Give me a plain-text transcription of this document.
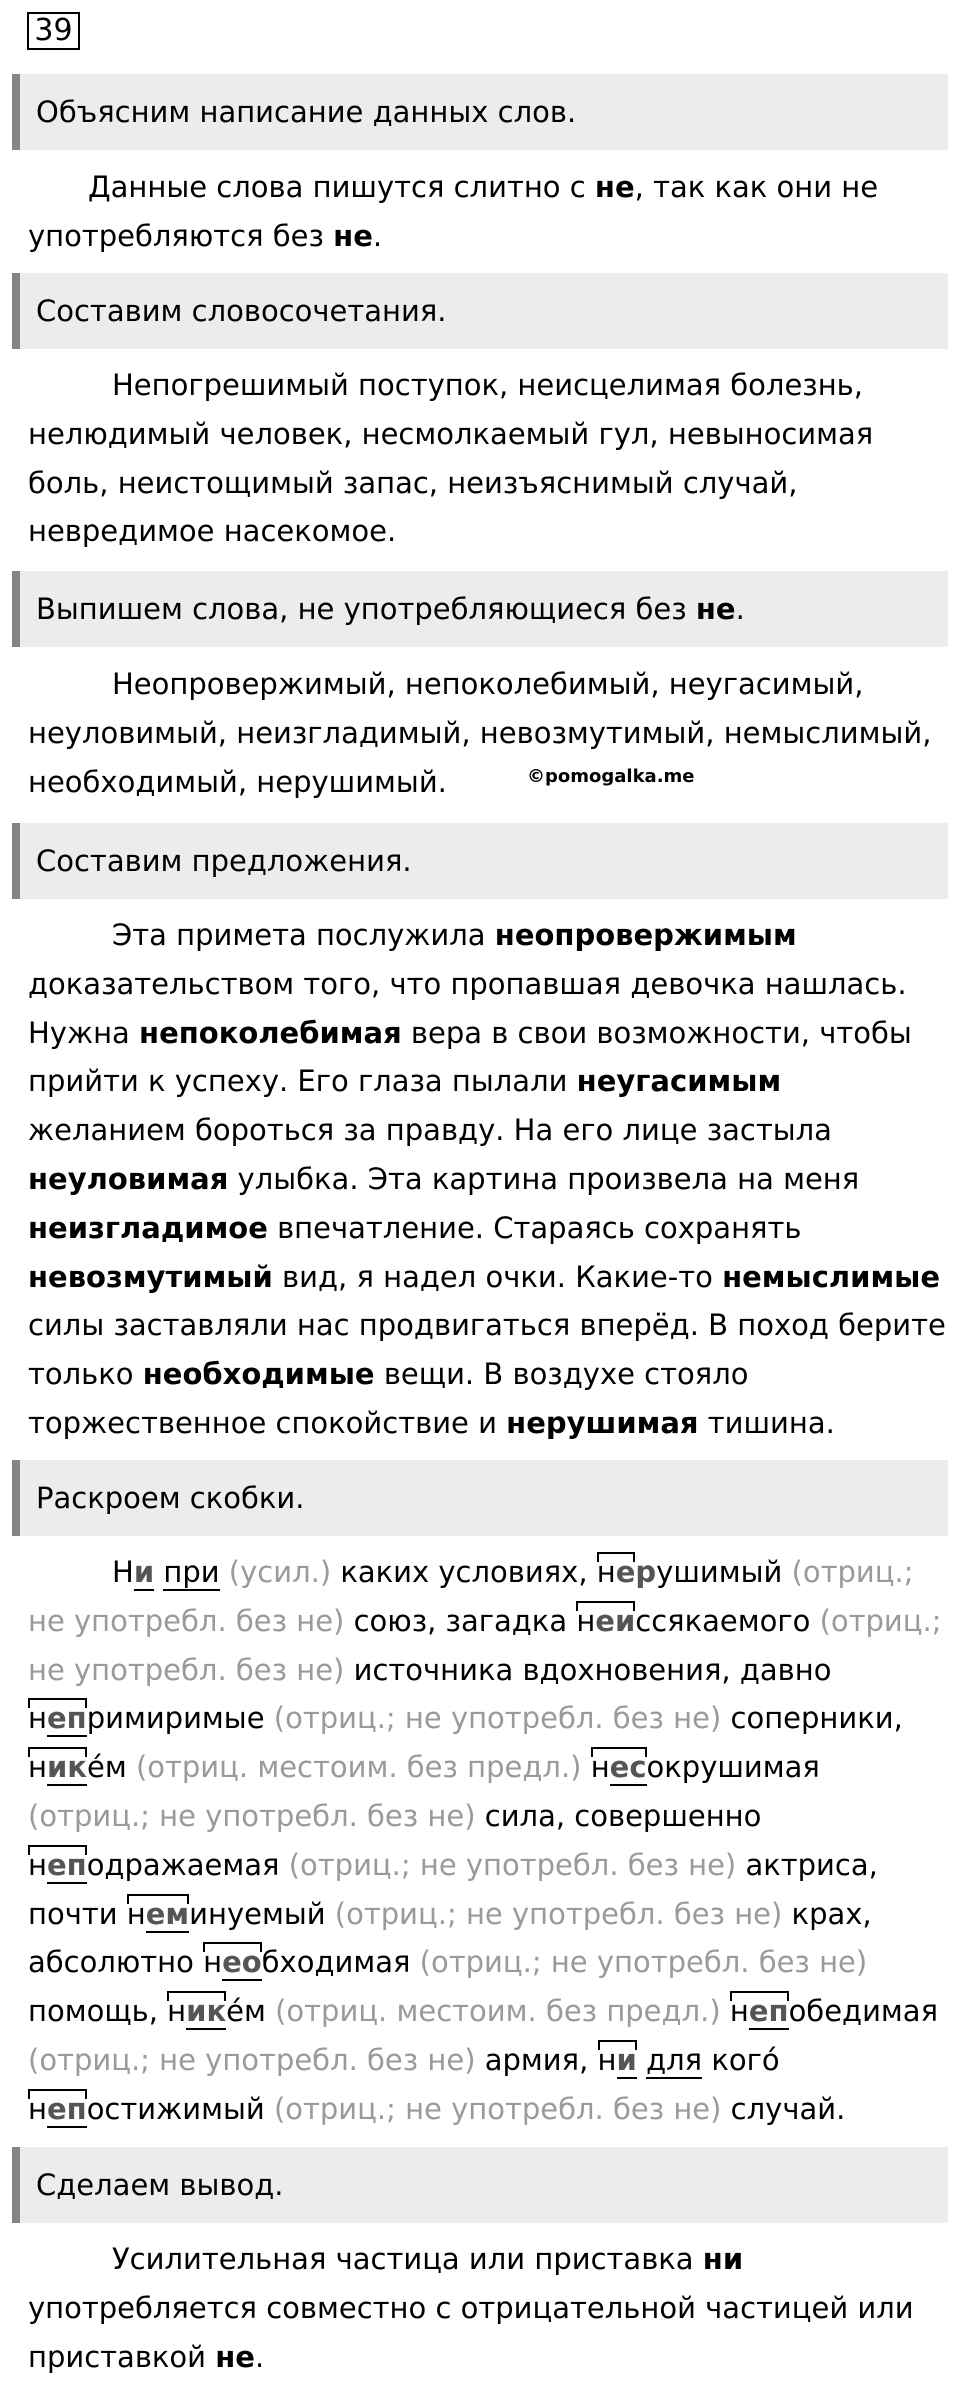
39
Объясним написание данных слов.

Данные слова пишутся слитно с не, так как они не употребляются без не.

Составим словосочетания.

Непогрешимый поступок, неисцелимая болезнь, нелюдимый человек, несмолкаемый гул, невыносимая боль, неистощимый запас, неизъяснимый случай, невредимое насекомое.

Выпишем слова, не употребляющиеся без не.

Неопровержимый, непоколебимый, неугасимый, неуловимый, неизгладимый, невозмутимый, немыслимый, необходимый, нерушимый.	©pomogalka.me
Составим предложения.

Эта примета послужила неопровержимым доказательством того, что пропавшая девочка нашлась. Нужна непоколебимая вера в свои возможности, чтобы прийти к успеху. Его глаза пылали неугасимым желанием бороться за правду. На его лице застыла неуловимая улыбка. Эта картина произвела на меня неизгладимое впечатление. Стараясь сохранять невозмутимый вид, я надел очки. Какие-то немыслимые силы заставляли нас продвигаться вперёд. В поход берите только необходимые вещи. В воздухе стояло торжественное спокойствие и нерушимая тишина.

Раскроем скобки.

Ни при (усил.) каких условиях, нерушимый (отриц.; не употребл. без не) союз, загадка неиссякаемого (отриц.; не употребл. без не) источника вдохновения, давно непримиримые (отриц.; не употребл. без не) соперники, никéм (отриц. местоим. без предл.) несокрушимая (отриц.; не употребл. без не) сила, совершенно неподражаемая (отриц.; не употребл. без не) актриса, почти неминуемый (отриц.; не употребл. без не) крах, абсолютно необходимая (отриц.; не употребл. без не) помощь, никéм (отриц. местоим. без предл.) непобедимая (отриц.; не употребл. без не) армия, ни для когó непостижимый (отриц.; не употребл. без не) случай.

Сделаем вывод.

Усилительная частица или приставка ни употребляется совместно с отрицательной частицей или приставкой не.
